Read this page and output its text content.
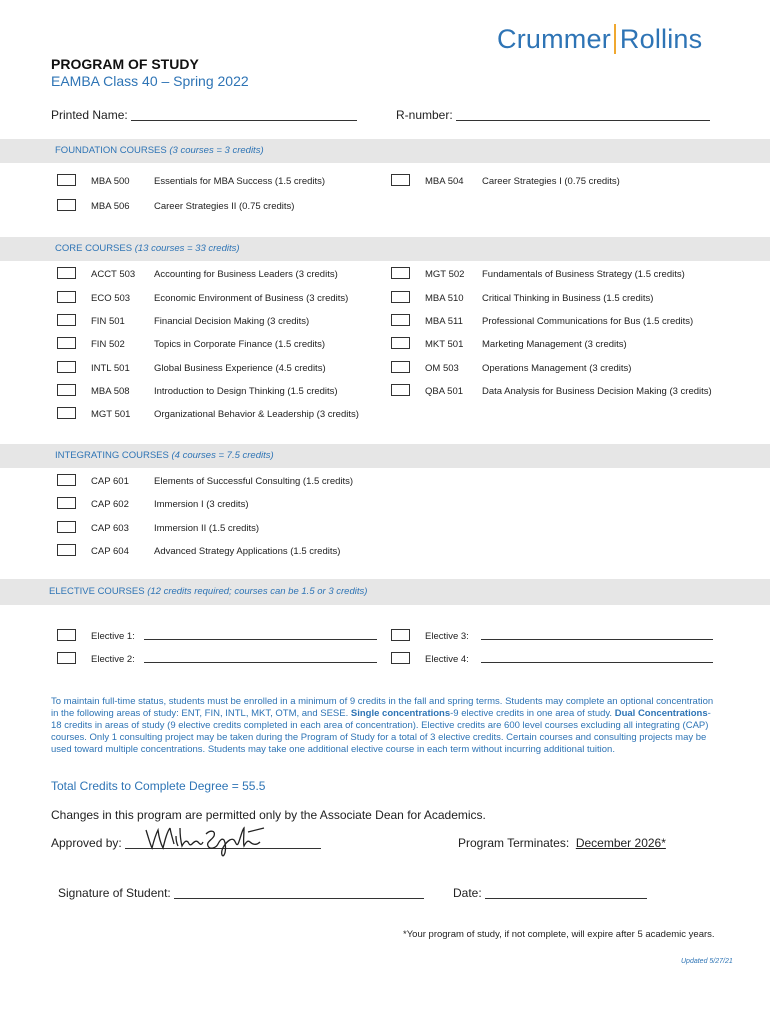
Crummer Rollins
PROGRAM OF STUDY
EAMBA Class 40 – Spring 2022
Printed Name:	R-number:
FOUNDATION COURSES (3 courses = 3 credits)
MBA 500	Essentials for MBA Success (1.5 credits)	MBA 504 Career Strategies I (0.75 credits)
MBA 506	Career Strategies II (0.75 credits)
CORE COURSES (13 courses = 33 credits)
ACCT 503 Accounting for Business Leaders (3 credits)	MGT 502 Fundamentals of Business Strategy (1.5 credits)
ECO 503	Economic Environment of Business (3 credits)	MBA 510 Critical Thinking in Business (1.5 credits)
FIN 501	Financial Decision Making (3 credits)	MBA 511 Professional Communications for Bus (1.5 credits)
FIN 502	Topics in Corporate Finance (1.5 credits)	MKT 501 Marketing Management (3 credits)
INTL 501	Global Business Experience (4.5 credits)	OM 503 Operations Management (3 credits)
MBA 508	Introduction to Design Thinking (1.5 credits)	QBA 501 Data Analysis for Business Decision Making (3 credits)
MGT 501 Organizational Behavior & Leadership (3 credits)
INTEGRATING COURSES (4 courses = 7.5 credits)
CAP 601	Elements of Successful Consulting (1.5 credits)
CAP 602	Immersion I (3 credits)
CAP 603	Immersion II (1.5 credits)
CAP 604	Advanced Strategy Applications (1.5 credits)
ELECTIVE COURSES (12 credits required; courses can be 1.5 or 3 credits)
Elective 1:	Elective 3:
Elective 2:	Elective 4:
To maintain full-time status, students must be enrolled in a minimum of 9 credits in the fall and spring terms. Students may complete an optional concentration in the following areas of study: ENT, FIN, INTL, MKT, OTM, and SESE. Single concentrations-9 elective credits in one area of study. Dual Concentrations-18 credits in areas of study (9 elective credits completed in each area of concentration). Elective credits are 600 level courses excluding all integrating (CAP) courses. Only 1 consulting project may be taken during the Program of Study for a total of 3 elective credits. Certain courses and consulting projects may be used toward multiple concentrations. Students may take one additional elective course in each term without incurring additional tuition.
Total Credits to Complete Degree = 55.5
Changes in this program are permitted only by the Associate Dean for Academics.
Approved by:	Program Terminates: December 2026*
Signature of Student:	Date:
*Your program of study, if not complete, will expire after 5 academic years.
Updated 5/27/21
